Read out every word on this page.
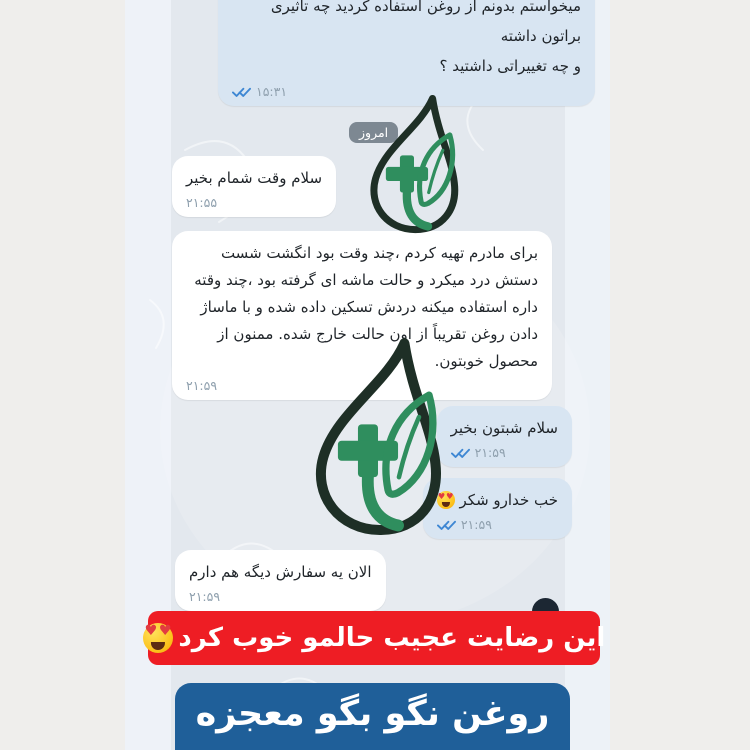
میخواستم بدونم از روغن استفاده کردید چه تاثیری براتون داشته
و چه تغییراتی داشتید ؟
۱۵:۳۱
امروز
سلام وقت شمام بخیر
۲۱:۵۵
برای مادرم تهیه کردم ،چند وقت بود انگشت شست دستش درد میکرد و حالت ماشه ای گرفته بود ،چند وقته داره استفاده میکنه دردش تسکین داده شده و با ماساژ دادن روغن تقریباً از اون حالت خارج شده. ممنون از محصول خوبتون.
۲۱:۵۹
سلام شبتون بخیر
۲۱:۵۹
خب خدارو شکر
♥
♥
۲۱:۵۹
الان یه سفارش دیگه هم دارم
۲۱:۵۹
این رضایت عجیب حالمو خوب کرد
♥
♥
روغن نگو بگو معجزه
